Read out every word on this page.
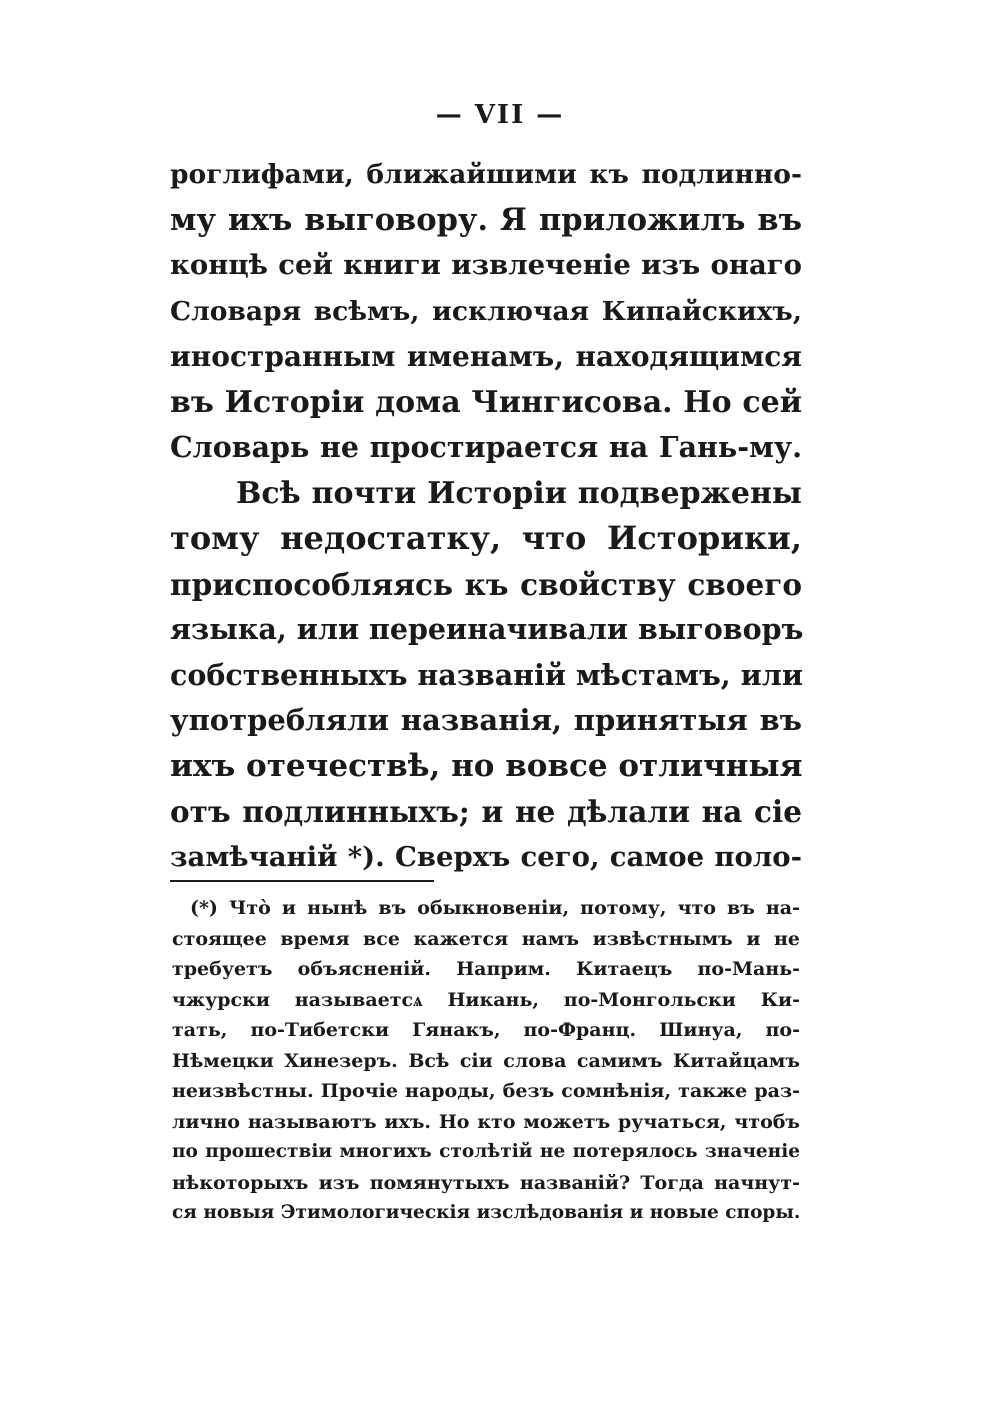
— VII —
роглифами, ближайшими къ подлинно-
му ихъ выговору. Я приложилъ въ
концѣ сей книги извлеченіе изъ онаго
Словаря всѣмъ, исключая Кипайскихъ,
иностранным именамъ, находящимся
въ Исторіи дома Чингисова. Но сей
Словарь не простирается на Гань-му.
Всѣ почти Исторіи подвержены
тому недостатку, что Историки,
приспособляясь къ свойству своего
языка, или переиначивали выговоръ
собственныхъ названій мѣстамъ, или
употребляли названія, принятыя въ
ихъ отечествѣ, но вовсе отличныя
отъ подлинныхъ; и не дѣлали на сіе
замѣчаній *). Сверхъ сего, самое поло-
(*) Чтò и нынѣ въ обыкновеніи, потому, что въ на-
стоящее время все кажется намъ извѣстнымъ и не
требуетъ объясненій. Наприм. Китаецъ по-Мань-
чжурски называетсѧ Никань, по-Монгольски Ки-
тать, по-Тибетски Гянакъ, по-Франц. Шинуа, по-
Нѣмецки Хинезеръ. Всѣ сіи слова самимъ Китайцамъ
неизвѣстны. Прочіе народы, безъ сомнѣнія, также раз-
лично называютъ ихъ. Но кто можетъ ручаться, чтобъ
по прошествіи многихъ столѣтій не потерялось значеніе
нѣкоторыхъ изъ помянутыхъ названій? Тогда начнут-
ся новыя Этимологическія изслѣдованія и новые споры.
